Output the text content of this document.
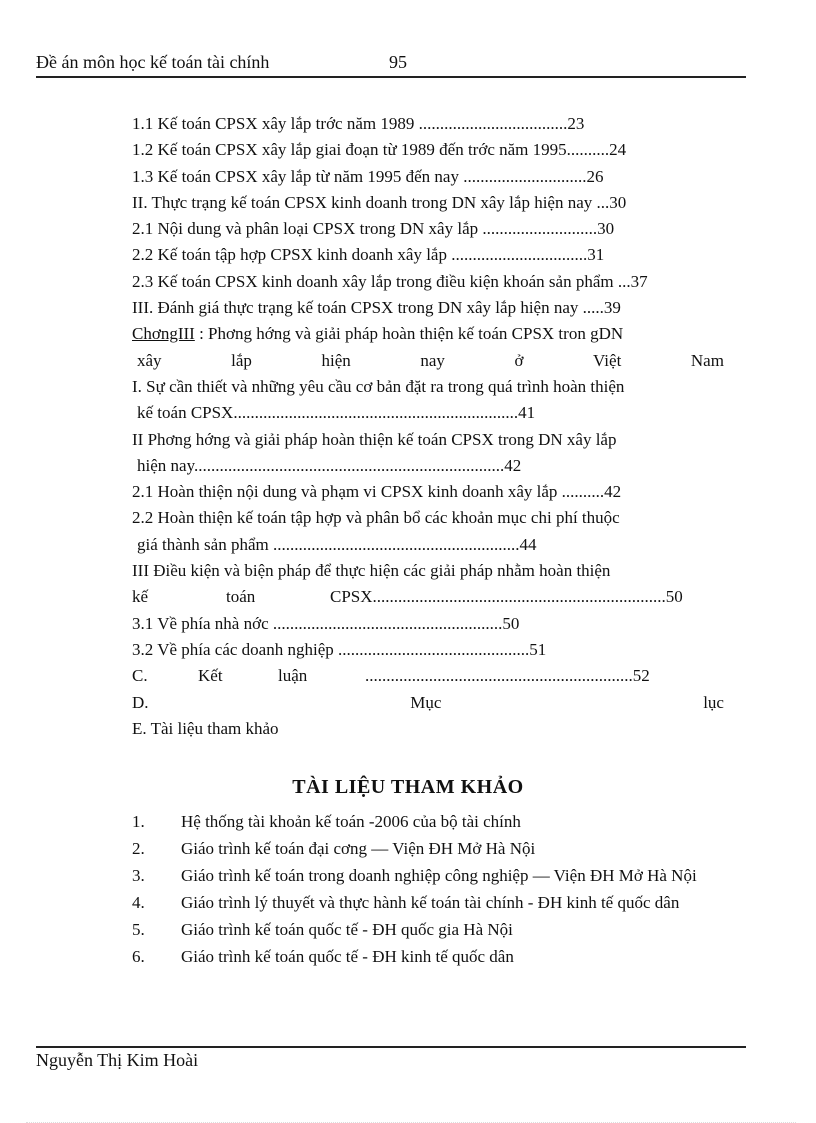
Đề án môn học kế toán tài chính	95
1.1 Kế toán CPSX xây lắp trớc năm 1989 ...................................23
1.2 Kế toán CPSX xây lắp giai đoạn từ 1989 đến trớc năm 1995..........24
1.3 Kế toán CPSX xây lắp từ năm 1995 đến nay .............................26
II. Thực trạng kế toán CPSX kinh doanh trong DN xây lắp hiện nay ...30
2.1 Nội dung và phân loại CPSX trong DN xây lắp ...........................30
2.2 Kế toán tập hợp CPSX kinh doanh xây lắp ................................31
2.3 Kế toán CPSX kinh doanh xây lắp trong điều kiện khoán sản phẩm ...37
III. Đánh giá thực trạng kế toán CPSX trong DN xây lắp hiện nay .....39
ChơngIII : Phơng hớng và giải pháp hoàn thiện kế toán CPSX tron gDN
xây	lắp	hiện	nay	ở	Việt	Nam
I. Sự cần thiết và những yêu cầu cơ bản đặt ra trong quá trình hoàn thiện
kế toán CPSX...................................................................41
II Phơng hớng và giải pháp hoàn thiện kế toán CPSX trong DN xây lắp
hiện nay.........................................................................42
2.1 Hoàn thiện nội dung và phạm vi CPSX kinh doanh xây lắp ..........42
2.2 Hoàn thiện kế toán tập hợp và phân bổ các khoản mục chi phí thuộc
giá thành sản phẩm ..........................................................44
III Điều kiện và biện pháp để thực hiện các giải pháp nhằm hoàn thiện
kế	toán	CPSX.....................................................................50
3.1 Về phía nhà nớc ......................................................50
3.2 Về phía các doanh nghiệp .............................................51
C.	Kết	luận	...............................................................52
D.	Mục	lục
E. Tài liệu tham khảo
TÀI LIỆU THAM KHẢO
1.	Hệ thống tài khoản kế toán -2006 của bộ tài chính
2.	Giáo trình kế toán đại cơng — Viện ĐH Mở Hà Nội
3.	Giáo trình kế toán trong doanh nghiệp công nghiệp — Viện ĐH Mở Hà Nội
4.	Giáo trình lý thuyết và thực hành kế toán tài chính - ĐH kinh tế quốc dân
5.	Giáo trình kế toán quốc tế - ĐH quốc gia Hà Nội
6.	Giáo trình kế toán quốc tế - ĐH kinh tế quốc dân
Nguyễn Thị Kim Hoài
